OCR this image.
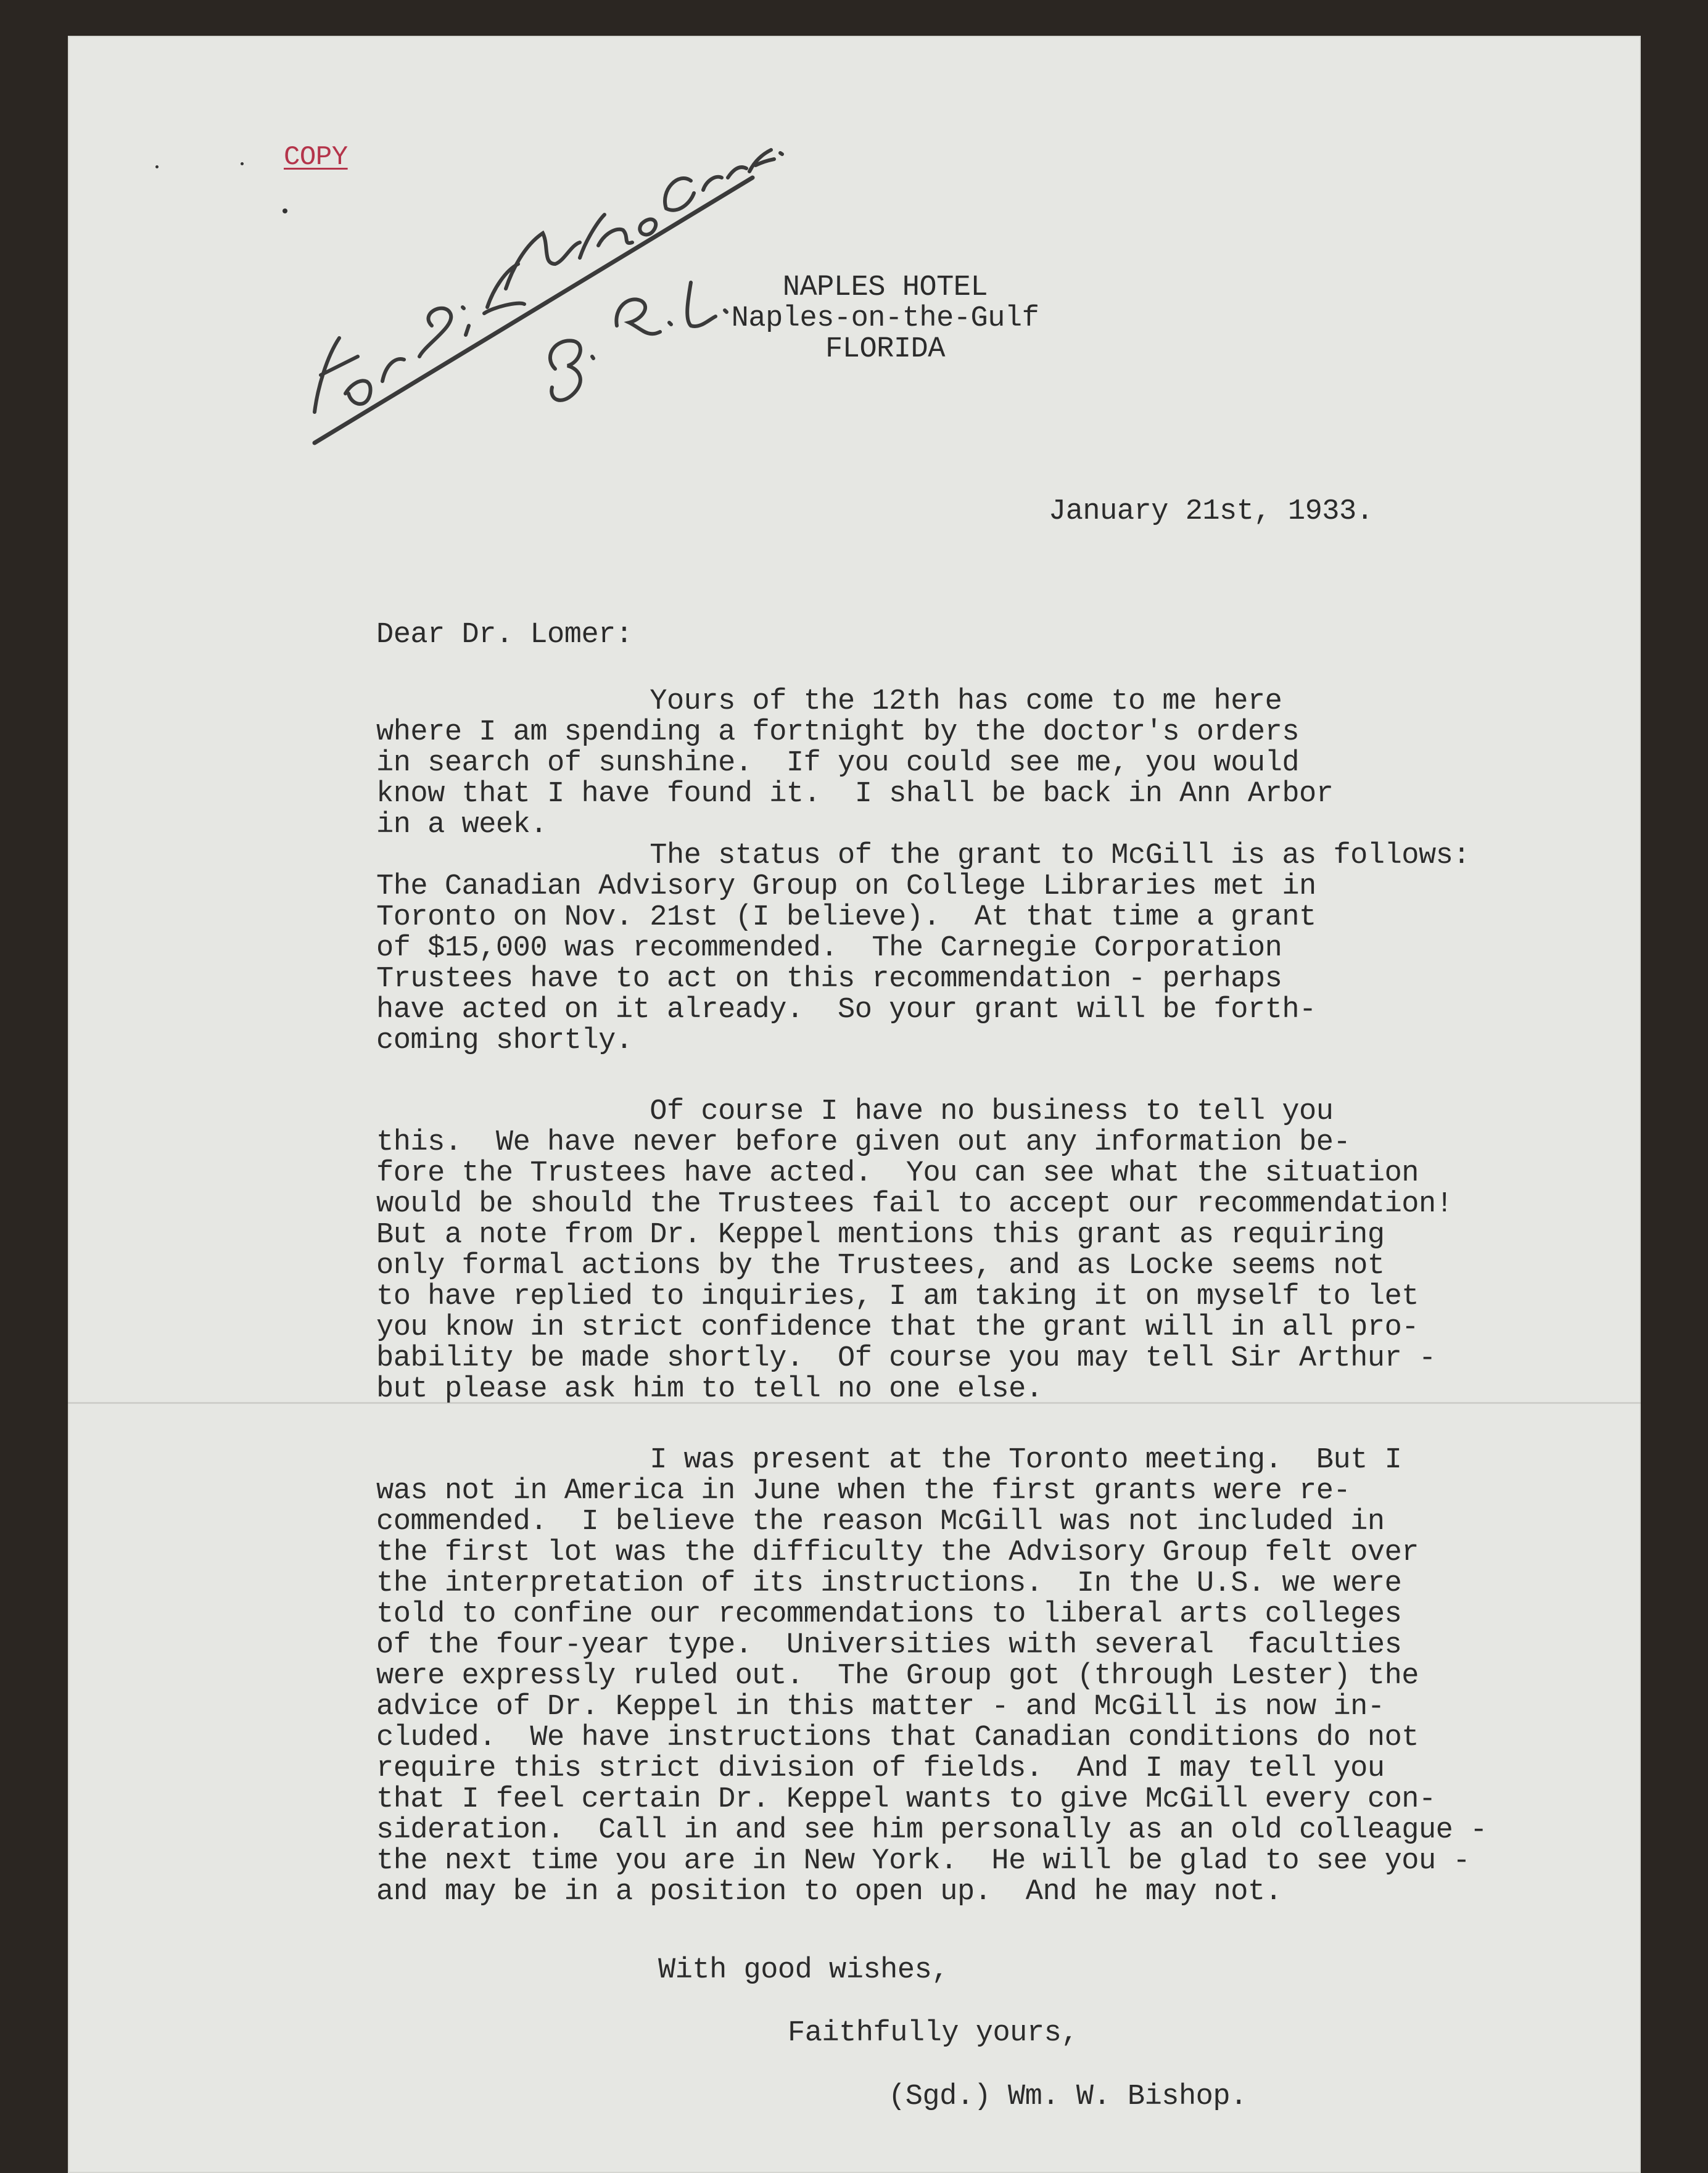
COPY
NAPLES HOTEL
Naples-on-the-Gulf
FLORIDA
January 21st, 1933.
Dear Dr. Lomer:
Yours of the 12th has come to me here
where I am spending a fortnight by the doctor's orders
in search of sunshine.  If you could see me, you would
know that I have found it.  I shall be back in Ann Arbor
in a week.
The status of the grant to McGill is as follows:
The Canadian Advisory Group on College Libraries met in
Toronto on Nov. 21st (I believe).  At that time a grant
of $15,000 was recommended.  The Carnegie Corporation
Trustees have to act on this recommendation - perhaps
have acted on it already.  So your grant will be forth-
coming shortly.
Of course I have no business to tell you
this.  We have never before given out any information be-
fore the Trustees have acted.  You can see what the situation
would be should the Trustees fail to accept our recommendation!
But a note from Dr. Keppel mentions this grant as requiring
only formal actions by the Trustees, and as Locke seems not
to have replied to inquiries, I am taking it on myself to let
you know in strict confidence that the grant will in all pro-
bability be made shortly.  Of course you may tell Sir Arthur -
but please ask him to tell no one else.
I was present at the Toronto meeting.  But I
was not in America in June when the first grants were re-
commended.  I believe the reason McGill was not included in
the first lot was the difficulty the Advisory Group felt over
the interpretation of its instructions.  In the U.S. we were
told to confine our recommendations to liberal arts colleges
of the four-year type.  Universities with several  faculties
were expressly ruled out.  The Group got (through Lester) the
advice of Dr. Keppel in this matter - and McGill is now in-
cluded.  We have instructions that Canadian conditions do not
require this strict division of fields.  And I may tell you
that I feel certain Dr. Keppel wants to give McGill every con-
sideration.  Call in and see him personally as an old colleague -
the next time you are in New York.  He will be glad to see you -
and may be in a position to open up.  And he may not.
With good wishes,
Faithfully yours,
(Sgd.) Wm. W. Bishop.
